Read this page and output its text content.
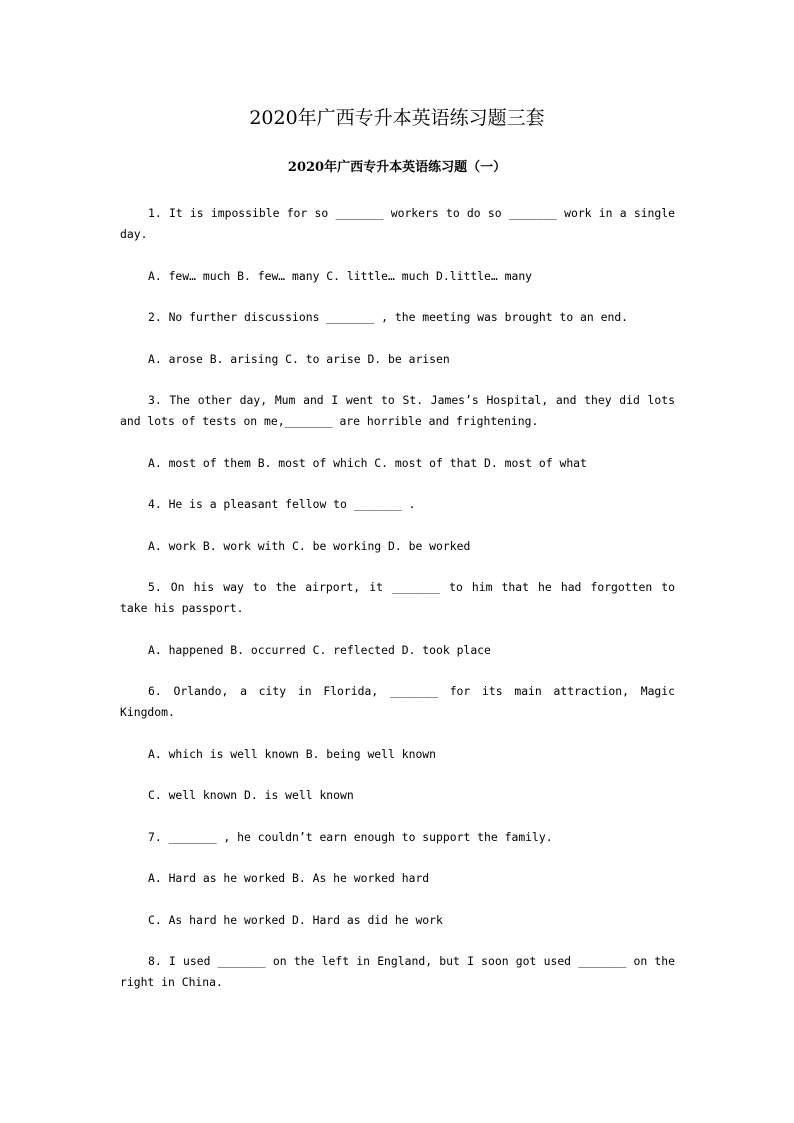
2020年广西专升本英语练习题三套
2020年广西专升本英语练习题（一）

1. It is impossible for so _______ workers to do so _______ work in a single day.

A. few… much B. few… many C. little… much D.little… many

2. No further discussions _______ , the meeting was brought to an end.

A. arose B. arising C. to arise D. be arisen

3. The other day, Mum and I went to St. James’s Hospital, and they did lots and lots of tests on me,_______ are horrible and frightening.

A. most of them B. most of which C. most of that D. most of what

4. He is a pleasant fellow to _______ .

A. work B. work with C. be working D. be worked

5. On his way to the airport, it _______ to him that he had forgotten to take his passport.

A. happened B. occurred C. reflected D. took place

6. Orlando, a city in Florida, _______ for its main attraction, Magic Kingdom.

A. which is well known B. being well known

C. well known D. is well known

7. _______ , he couldn’t earn enough to support the family.

A. Hard as he worked B. As he worked hard

C. As hard he worked D. Hard as did he work

8. I used _______ on the left in England, but I soon got used _______ on the right in China.
